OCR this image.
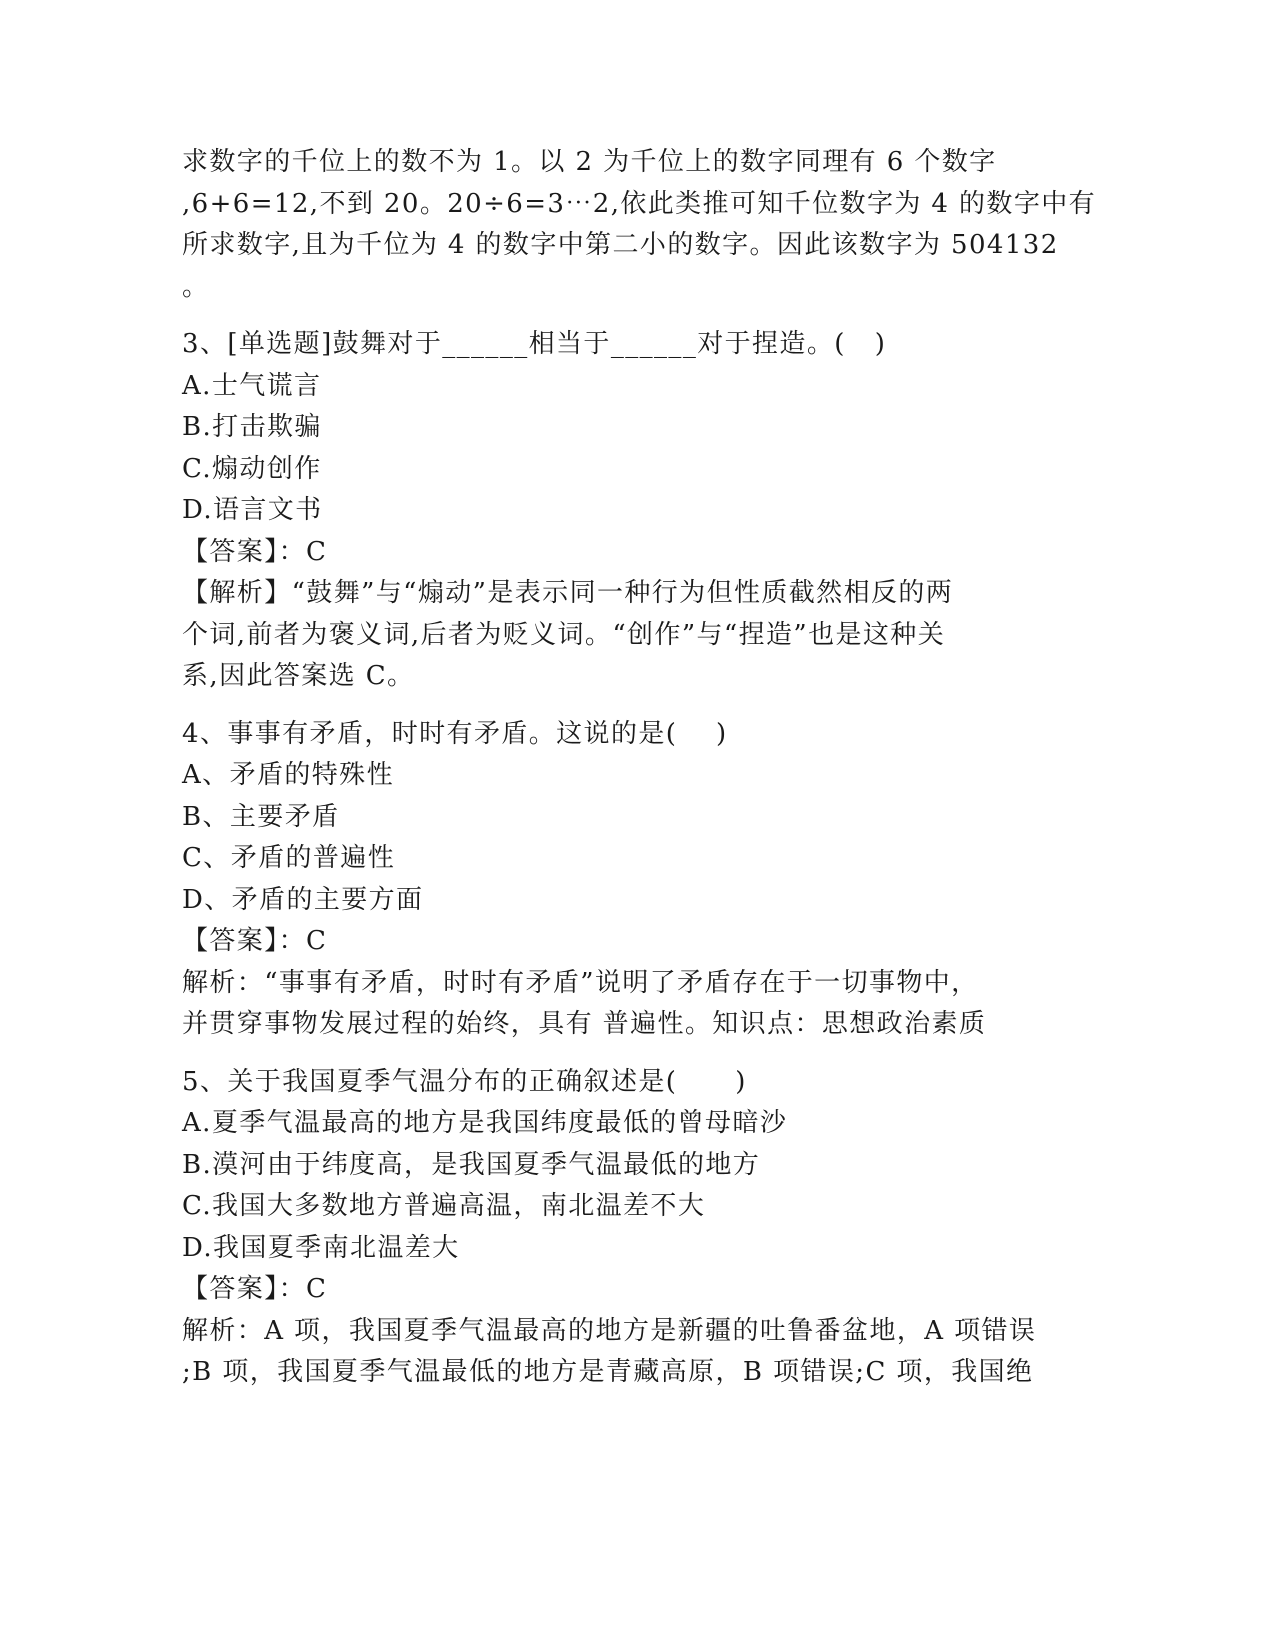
求数字的千位上的数不为 1。以 2 为千位上的数字同理有 6 个数字
,6+6=12,不到 20。20÷6=3⋯2,依此类推可知千位数字为 4 的数字中有
所求数字,且为千位为 4 的数字中第二小的数字。因此该数字为 504132
。
3、[单选题]鼓舞对于______相当于______对于捏造。(   )
A.士气谎言
B.打击欺骗
C.煽动创作
D.语言文书
【答案】：C
【解析】“鼓舞”与“煽动”是表示同一种行为但性质截然相反的两
个词,前者为褒义词,后者为贬义词。“创作”与“捏造”也是这种关
系,因此答案选 C。
4、事事有矛盾，时时有矛盾。这说的是(    )
A、矛盾的特殊性
B、主要矛盾
C、矛盾的普遍性
D、矛盾的主要方面
【答案】：C
解析：“事事有矛盾，时时有矛盾”说明了矛盾存在于一切事物中，
并贯穿事物发展过程的始终，具有 普遍性。知识点：思想政治素质
5、关于我国夏季气温分布的正确叙述是(      )
A.夏季气温最高的地方是我国纬度最低的曾母暗沙
B.漠河由于纬度高，是我国夏季气温最低的地方
C.我国大多数地方普遍高温，南北温差不大
D.我国夏季南北温差大
【答案】：C
解析：A 项，我国夏季气温最高的地方是新疆的吐鲁番盆地，A 项错误
;B 项，我国夏季气温最低的地方是青藏高原，B 项错误;C 项，我国绝
